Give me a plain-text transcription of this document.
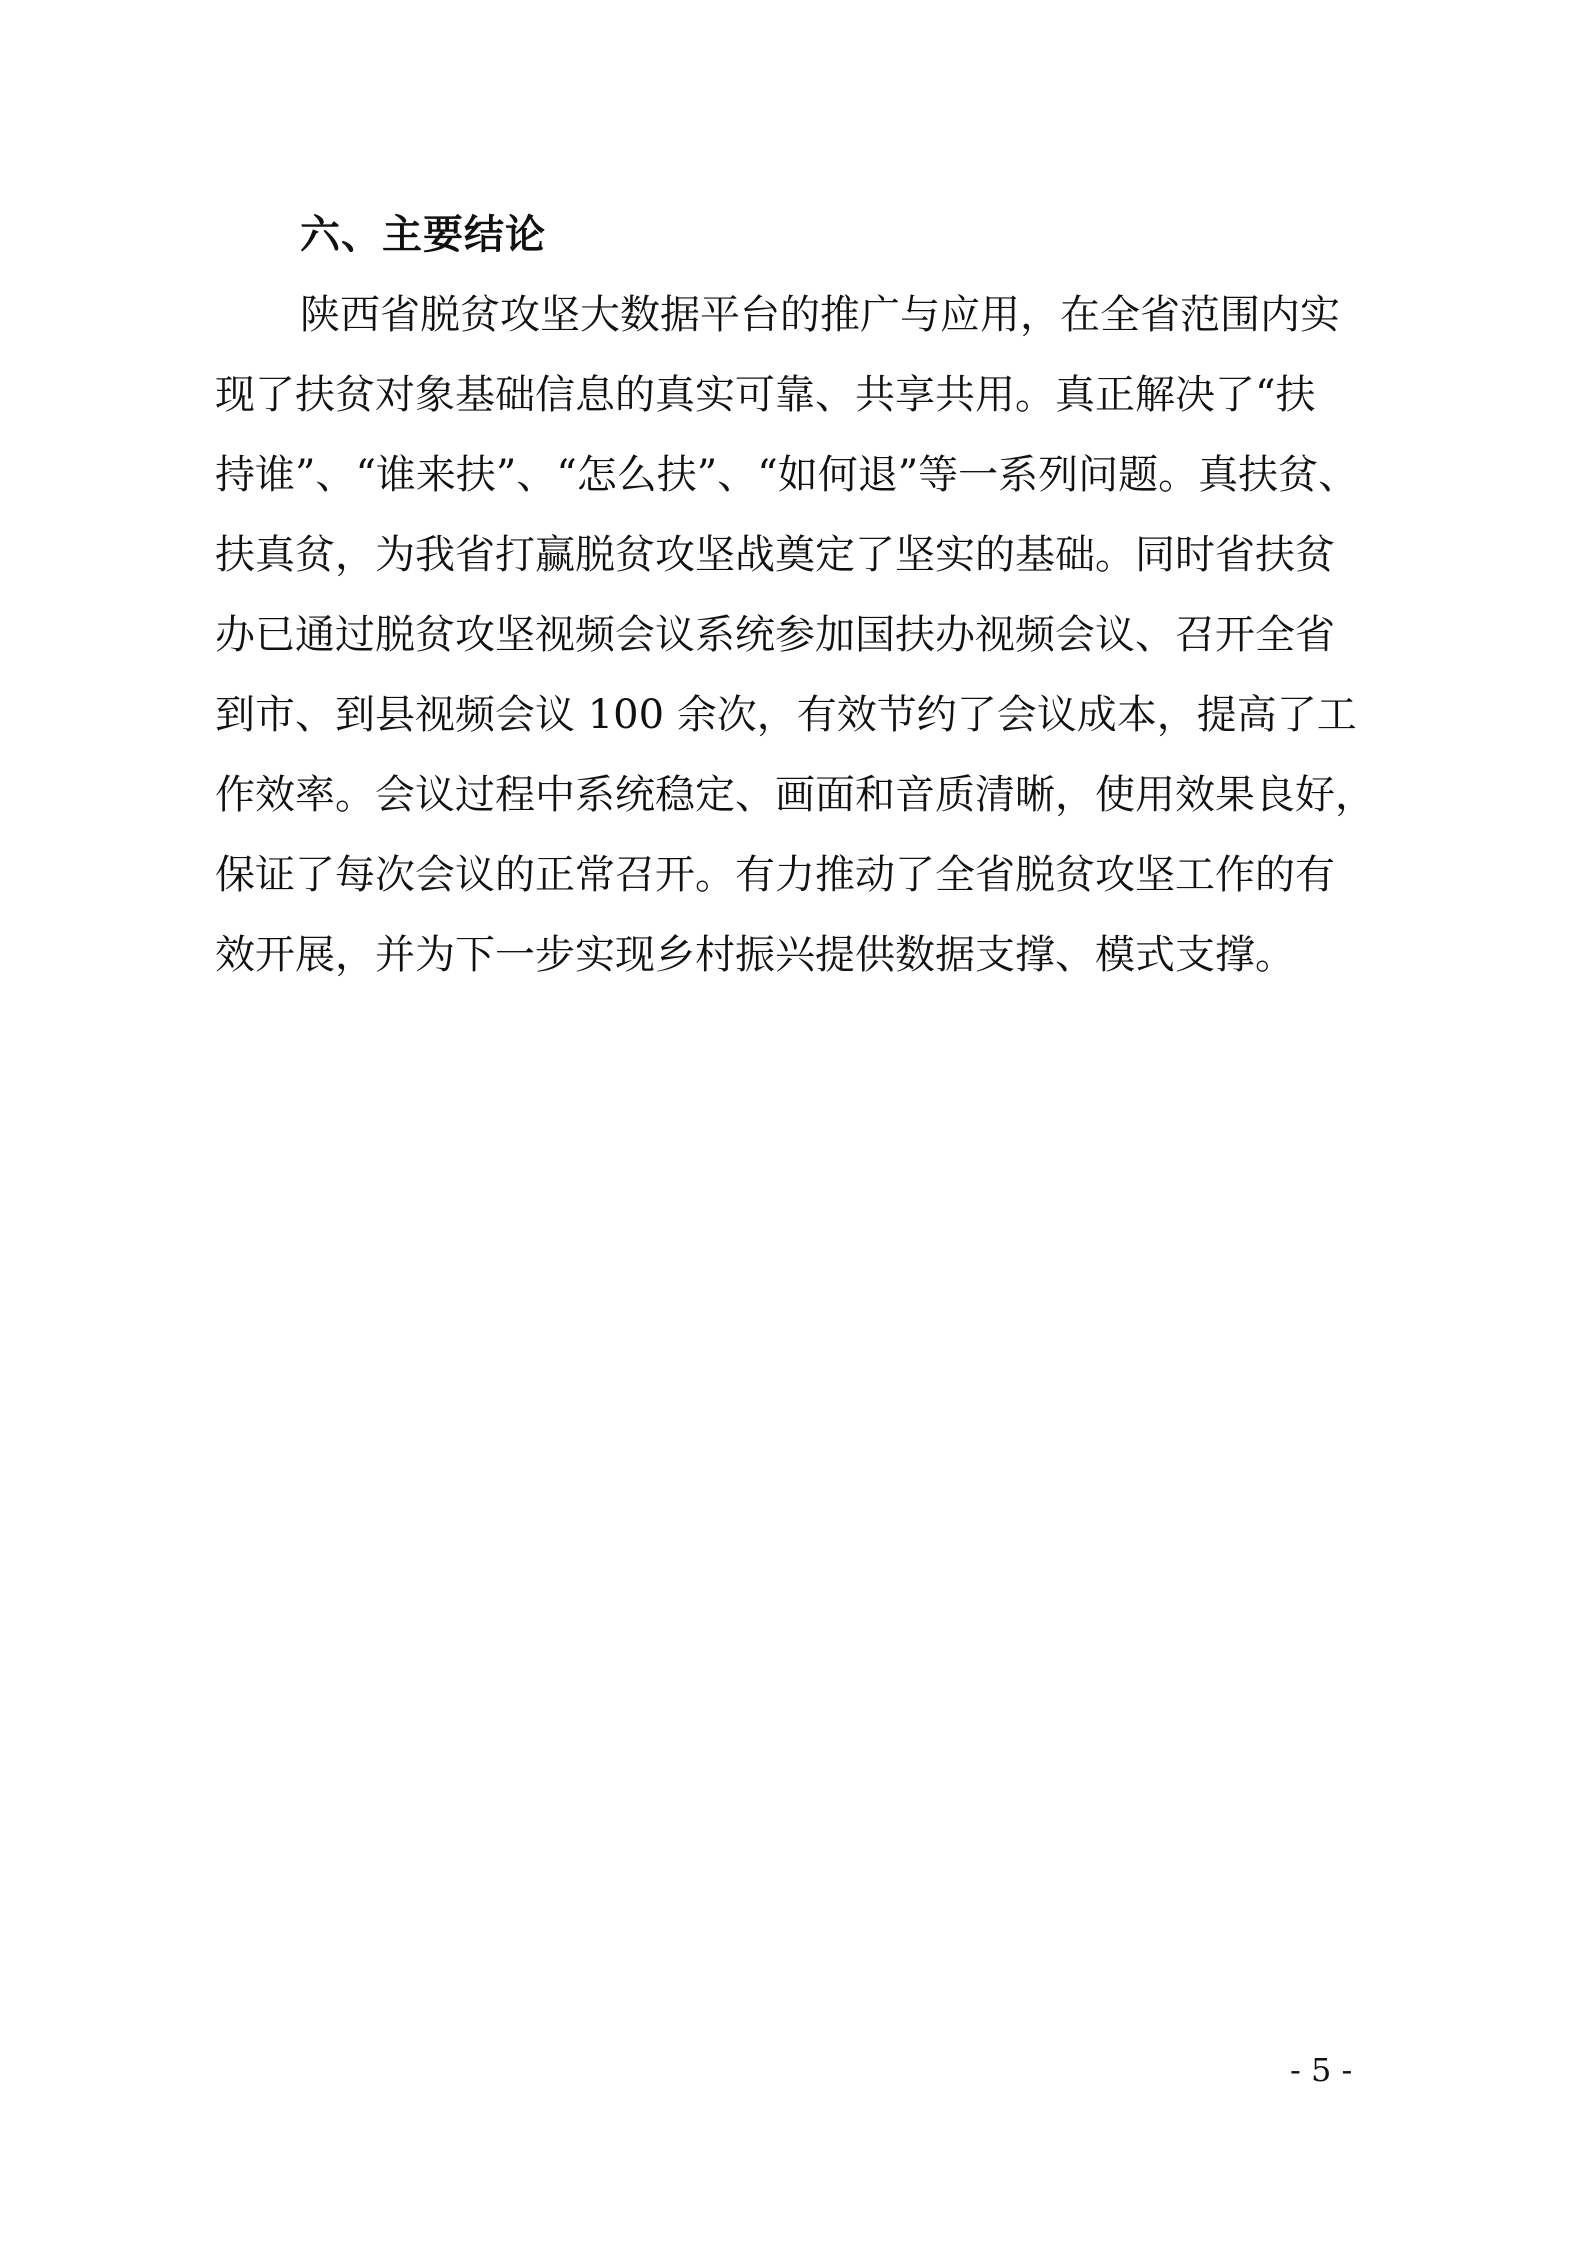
六、主要结论
陕西省脱贫攻坚大数据平台的推广与应用，在全省范围内实
现了扶贫对象基础信息的真实可靠、共享共用。真正解决了“扶
持谁”、“谁来扶”、“怎么扶”、“如何退”等一系列问题。真扶贫、
扶真贫，为我省打赢脱贫攻坚战奠定了坚实的基础。同时省扶贫
办已通过脱贫攻坚视频会议系统参加国扶办视频会议、召开全省
到市、到县视频会议 100 余次，有效节约了会议成本，提高了工
作效率。会议过程中系统稳定、画面和音质清晰，使用效果良好，
保证了每次会议的正常召开。有力推动了全省脱贫攻坚工作的有
效开展，并为下一步实现乡村振兴提供数据支撑、模式支撑。
- 5 -
